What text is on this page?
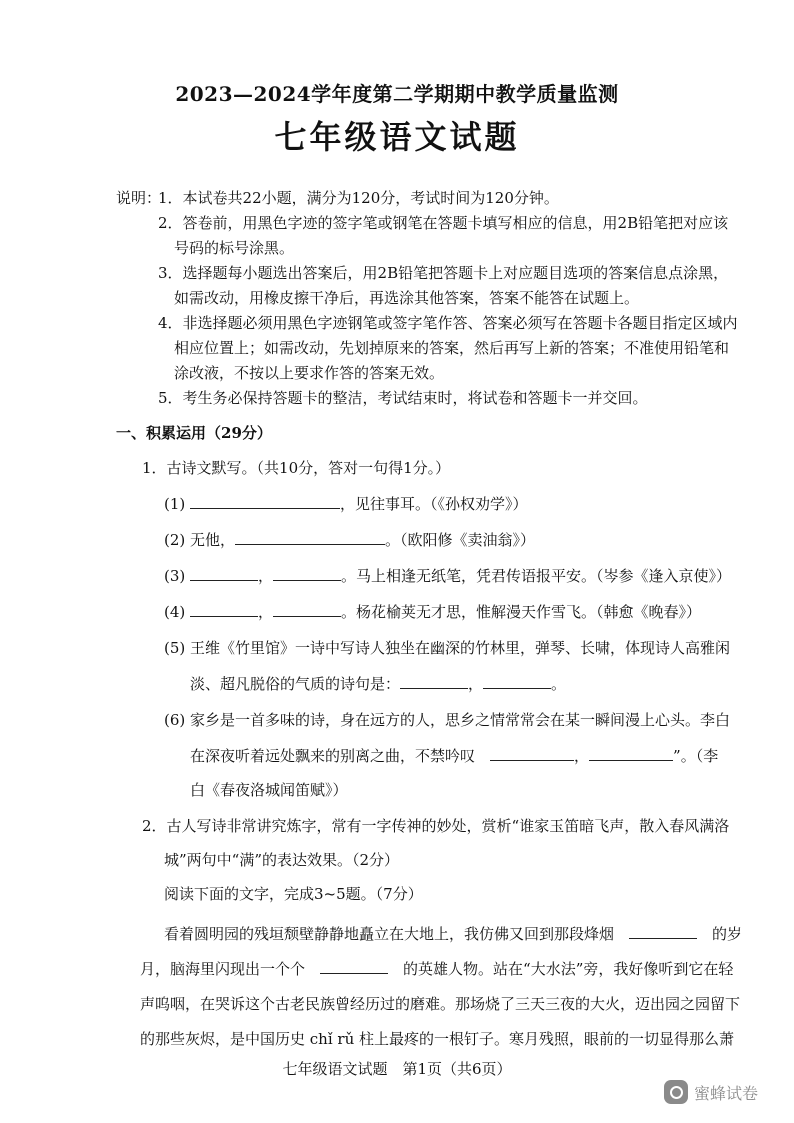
2023—2024学年度第二学期期中教学质量监测
七年级语文试题
说明：
1．本试卷共22小题，满分为120分，考试时间为120分钟。
2．答卷前，用黑色字迹的签字笔或钢笔在答题卡填写相应的信息，用2B铅笔把对应该
号码的标号涂黑。
3．选择题每小题选出答案后，用2B铅笔把答题卡上对应题目选项的答案信息点涂黑，
如需改动，用橡皮擦干净后，再选涂其他答案，答案不能答在试题上。
4．非选择题必须用黑色字迹钢笔或签字笔作答、答案必须写在答题卡各题目指定区域内
相应位置上；如需改动，先划掉原来的答案，然后再写上新的答案；不准使用铅笔和
涂改液，不按以上要求作答的答案无效。
5．考生务必保持答题卡的整洁，考试结束时，将试卷和答题卡一并交回。
一、积累运用（29分）
1．古诗文默写。（共10分，答对一句得1分。）
(1)	，见往事耳。（《孙权劝学》）
(2) 无他，	。（欧阳修《卖油翁》）
(3)	，	。马上相逢无纸笔，凭君传语报平安。（岑参《逢入京使》）
(4)	，	。杨花榆荚无才思，惟解漫天作雪飞。（韩愈《晚春》）
(5) 王维《竹里馆》一诗中写诗人独坐在幽深的竹林里，弹琴、长啸，体现诗人高雅闲
淡、超凡脱俗的气质的诗句是：	，	。
(6) 家乡是一首多味的诗，身在远方的人，思乡之情常常会在某一瞬间漫上心头。李白
在深夜听着远处飘来的别离之曲，不禁吟叹　	，	”。（李
白《春夜洛城闻笛赋》）
2．古人写诗非常讲究炼字，常有一字传神的妙处，赏析“谁家玉笛暗飞声，散入春风满洛
城”两句中“满”的表达效果。（2分）
阅读下面的文字，完成3~5题。（7分）
看着圆明园的残垣颓壁静静地矗立在大地上，我仿佛又回到那段烽烟　　	的岁
月，脑海里闪现出一个个　　	的英雄人物。站在“大水法”旁，我好像听到它在轻
声呜咽，在哭诉这个古老民族曾经历过的磨难。那场烧了三天三夜的大火，迈出园之园留下
的那些灰烬，是中国历史 chǐ rǔ 柱上最疼的一根钉子。寒月残照，眼前的一切显得那么萧
七年级语文试题　第1页（共6页）
蜜蜂试卷
